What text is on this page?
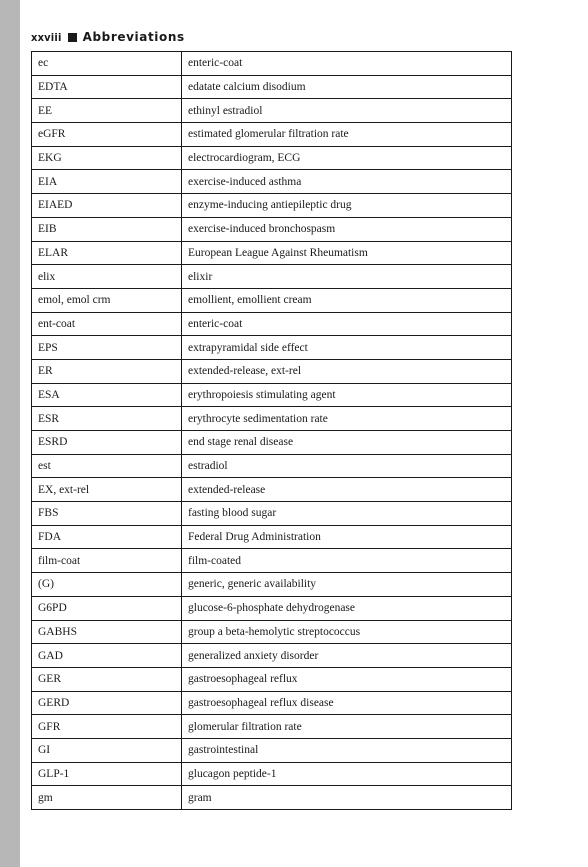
xxviii Abbreviations
ec	enteric-coat
EDTA	edatate calcium disodium
EE	ethinyl estradiol
eGFR	estimated glomerular filtration rate
EKG	electrocardiogram, ECG
EIA	exercise-induced asthma
EIAED	enzyme-inducing antiepileptic drug
EIB	exercise-induced bronchospasm
ELAR	European League Against Rheumatism
elix	elixir
emol, emol crm	emollient, emollient cream
ent-coat	enteric-coat
EPS	extrapyramidal side effect
ER	extended-release, ext-rel
ESA	erythropoiesis stimulating agent
ESR	erythrocyte sedimentation rate
ESRD	end stage renal disease
est	estradiol
EX, ext-rel	extended-release
FBS	fasting blood sugar
FDA	Federal Drug Administration
film-coat	film-coated
(G)	generic, generic availability
G6PD	glucose-6-phosphate dehydrogenase
GABHS	group a beta-hemolytic streptococcus
GAD	generalized anxiety disorder
GER	gastroesophageal reflux
GERD	gastroesophageal reflux disease
GFR	glomerular filtration rate
GI	gastrointestinal
GLP-1	glucagon peptide-1
gm	gram
